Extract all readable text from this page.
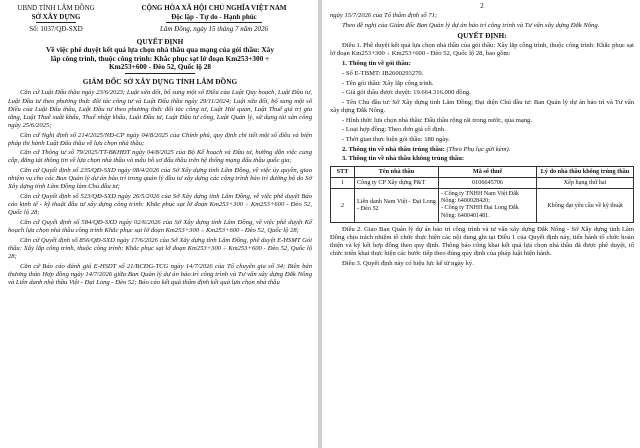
UBND TỈNH LÂM ĐỒNG
SỞ XÂY DỰNG
Số: 1037/QĐ-SXD
CỘNG HÒA XÃ HỘI CHỦ NGHĨA VIỆT NAM
Độc lập - Tự do - Hạnh phúc
Lâm Đồng, ngày 15 tháng 7 năm 2026

QUYẾT ĐỊNH

Về việc phê duyệt kết quả lựa chọn nhà thầu qua mạng của gói thầu: Xây

lắp công trình, thuộc công trình: Khắc phục sạt lở đoạn Km253+300 ÷

Km253+600 - Đèo 52, Quốc lộ 28

GIÁM ĐỐC SỞ XÂY DỰNG TỈNH LÂM ĐỒNG

Căn cứ Luật Đấu thầu ngày 23/6/2023; Luật sửa đổi, bổ sung một số Điều của Luật Quy hoạch, Luật Đầu tư, Luật Đầu tư theo phương thức đối tác công tư và Luật Đấu thầu ngày 29/11/2024; Luật sửa đổi, bổ sung một số Điều của Luật Đấu thầu, Luật Đầu tư theo phương thức đối tác công tư, Luật Hải quan, Luật Thuế giá trị gia tăng, Luật Thuế xuất khẩu, Thuế nhập khẩu, Luật Đầu tư, Luật Đầu tư công, Luật Quản lý, sử dụng tài sản công ngày 25/6/2025;

Căn cứ Nghị định số 214/2025/NĐ-CP ngày 04/8/2025 của Chính phủ, quy định chi tiết một số điều và biện pháp thi hành Luật Đấu thầu về lựa chọn nhà thầu;

Căn cứ Thông tư số 79/2025/TT-BKHĐT ngày 04/8/2025 của Bộ Kế hoạch và Đầu tư, hướng dẫn việc cung cấp, đăng tải thông tin về lựa chọn nhà thầu và mẫu hồ sơ đấu thầu trên hệ thống mạng đấu thầu quốc gia;

Căn cứ Quyết định số 235/QĐ-SXD ngày 08/4/2026 của Sở Xây dựng tỉnh Lâm Đồng, về việc ủy quyền, giao nhiệm vụ cho các Ban Quản lý dự án bảo trì trong quản lý đầu tư xây dựng các công trình bảo trì đường bộ do Sở Xây dựng tỉnh Lâm Đồng làm Chủ đầu tư;

Căn cứ Quyết định số 523/QĐ-SXD ngày 26/5/2026 của Sở Xây dựng tỉnh Lâm Đồng, về việc phê duyệt Báo cáo kinh tế - kỹ thuật đầu tư xây dựng công trình: Khắc phục sạt lở đoạn Km253+300 ÷ Km253+600 - Đèo 52, Quốc lộ 28;

Căn cứ Quyết định số 584/QĐ-SXD ngày 02/6/2026 của Sở Xây dựng tỉnh Lâm Đồng, về việc phê duyệt Kế hoạch lựa chọn nhà thầu công trình Khắc phục sạt lở đoạn Km253+300 ÷ Km253+600 - Đèo 52, Quốc lộ 28;

Căn cứ Quyết định số 856/QĐ-SXD ngày 17/6/2026 của Sở Xây dựng tỉnh Lâm Đồng, phê duyệt E-HSMT Gói thầu: Xây lắp công trình, thuộc công trình: Khắc phục sạt lở đoạn Km253+300 ÷ Km253+600 - Đèo 52, Quốc lộ 28;

Căn cứ Báo cáo đánh giá E-HSDT số 21/BCĐG-TCG ngày 14/7/2026 của Tổ chuyên gia số 34; Biên bản thương thảo Hợp đồng ngày 14/7/2026 giữa Ban Quản lý dự án bảo trì công trình và Tư vấn xây dựng Đắk Nông và Liên danh nhà thầu Việt - Đại Long - Đèo 52; Báo cáo kết quả thẩm định kết quả lựa chọn nhà thầu

2

ngày 15/7/2026 của Tổ thẩm định số 71;

Theo đề nghị của Giám đốc Ban Quản lý dự án bảo trì công trình và Tư vấn xây dựng Đắk Nông.

QUYẾT ĐỊNH:

Điều 1. Phê duyệt kết quả lựa chọn nhà thầu của gói thầu: Xây lắp công trình, thuộc công trình: Khắc phục sạt lở đoạn Km253+300 ÷ Km253+600 - Đèo 52, Quốc lộ 28, bao gồm:

1. Thông tin về gói thầu:

- Số E-TBMT: IB2600293270.

- Tên gói thầu: Xây lắp công trình.

- Giá gói thầu được duyệt: 19.664.316.000 đồng.

- Tên Chủ đầu tư: Sở Xây dựng tỉnh Lâm Đồng; Đại diện Chủ đầu tư: Ban Quản lý dự án bảo trì và Tư vấn xây dựng Đắk Nông.

- Hình thức lựa chọn nhà thầu: Đấu thầu rộng rãi trong nước, qua mạng.

- Loại hợp đồng: Theo đơn giá cố định.

- Thời gian thực hiện gói thầu: 180 ngày.

2. Thông tin về nhà thầu trúng thầu: (Theo Phụ lục gửi kèm).

3. Thông tin về nhà thầu không trúng thầu:

STT	Tên nhà thầu	Mã số thuế	Lý do nhà thầu không trúng thầu
1	Công ty CP Xây dựng P&T	0106645706	Xếp hạng thứ hai
2	Liên danh Nam Việt - Đại Long - Đèo 52	- Công ty TNHH Nam Việt Đắk Nông: 6400028420;
- Công ty TNHH Đại Long Đắk Nông: 6400401481.	Không đạt yêu cầu về kỹ thuật

Điều 2. Giao Ban Quản lý dự án bảo trì công trình và tư vấn xây dựng Đắk Nông - Sở Xây dựng tỉnh Lâm Đồng chịu trách nhiệm tổ chức thực hiện các nội dung ghi tại Điều 1 của Quyết định này, tiến hành tổ chức hoàn thiện và ký kết hợp đồng theo quy định. Thông báo công khai kết quả lựa chọn nhà thầu đã được phê duyệt, tổ chức triển khai thực hiện các bước tiếp theo đúng quy định của pháp luật hiện hành.

Điều 3. Quyết định này có hiệu lực kể từ ngày ký.
